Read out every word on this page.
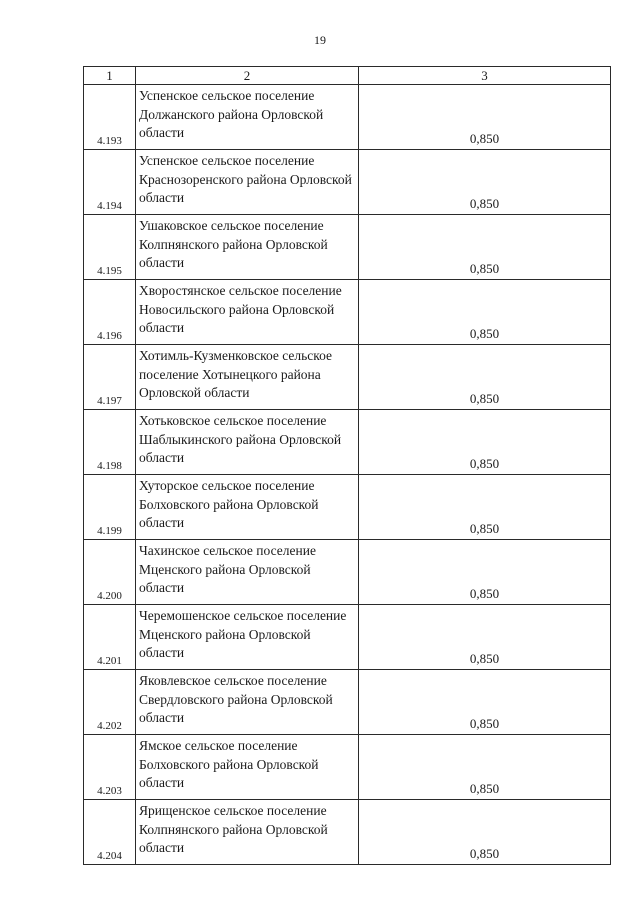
19
1	2	3
4.193	Успенское сельское поселение Должанского района Орловской области	0,850
4.194	Успенское сельское поселение Краснозоренского района Орловской области	0,850
4.195	Ушаковское сельское поселение Колпнянского района Орловской области	0,850
4.196	Хворостянское сельское поселение Новосильского района Орловской области	0,850
4.197	Хотимль-Кузменковское сельское поселение Хотынецкого района Орловской области	0,850
4.198	Хотьковское сельское поселение Шаблыкинского района Орловской области	0,850
4.199	Хуторское сельское поселение Болховского района Орловской области	0,850
4.200	Чахинское сельское поселение Мценского района Орловской области	0,850
4.201	Черемошенское сельское поселение Мценского района Орловской области	0,850
4.202	Яковлевское сельское поселение Свердловского района Орловской области	0,850
4.203	Ямское сельское поселение Болховского района Орловской области	0,850
4.204	Ярищенское сельское поселение Колпнянского района Орловской области	0,850
